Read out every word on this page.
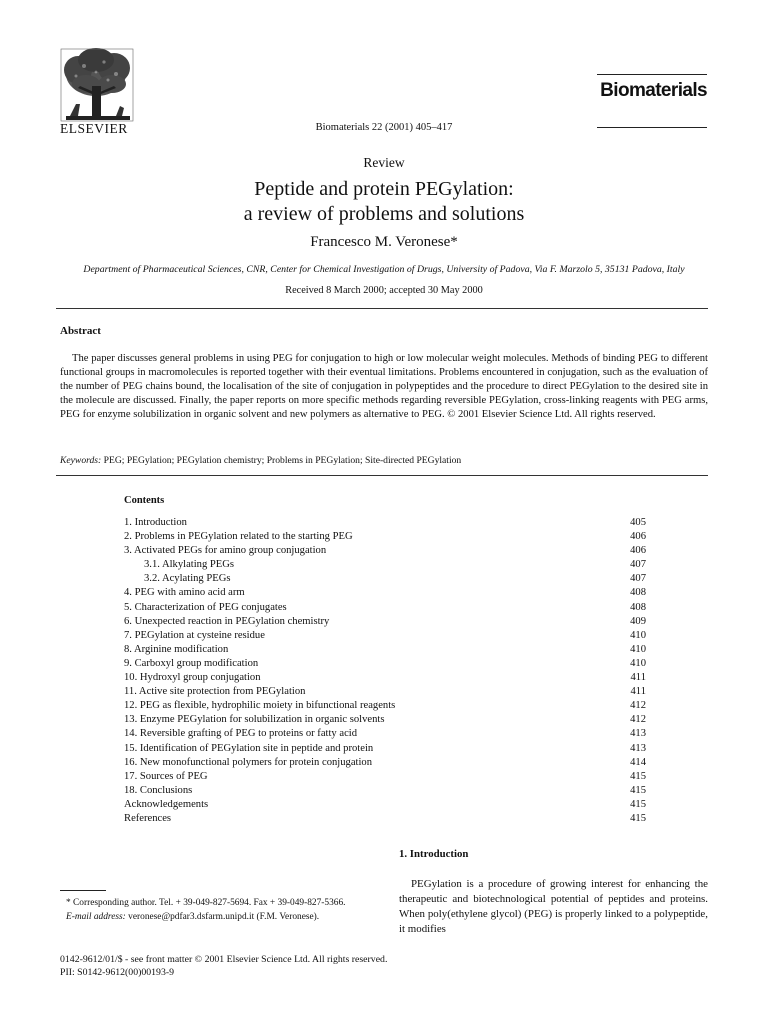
ELSEVIER	Biomaterials 22 (2001) 405–417
Biomaterials
Review
Peptide and protein PEGylation:
a review of problems and solutions
Francesco M. Veronese*
Department of Pharmaceutical Sciences, CNR, Center for Chemical Investigation of Drugs, University of Padova, Via F. Marzolo 5, 35131 Padova, Italy
Received 8 March 2000; accepted 30 May 2000
Abstract
The paper discusses general problems in using PEG for conjugation to high or low molecular weight molecules. Methods of binding PEG to different functional groups in macromolecules is reported together with their eventual limitations. Problems encountered in conjugation, such as the evaluation of the number of PEG chains bound, the localisation of the site of conjugation in polypeptides and the procedure to direct PEGylation to the desired site in the molecule are discussed. Finally, the paper reports on more specific methods regarding reversible PEGylation, cross-linking reagents with PEG arms, PEG for enzyme solubilization in organic solvent and new polymers as alternative to PEG. © 2001 Elsevier Science Ltd. All rights reserved.
Keywords: PEG; PEGylation; PEGylation chemistry; Problems in PEGylation; Site-directed PEGylation
Contents
1. Introduction	405
2. Problems in PEGylation related to the starting PEG	406
3. Activated PEGs for amino group conjugation	406
3.1. Alkylating PEGs	407
3.2. Acylating PEGs	407
4. PEG with amino acid arm	408
5. Characterization of PEG conjugates	408
6. Unexpected reaction in PEGylation chemistry	409
7. PEGylation at cysteine residue	410
8. Arginine modification	410
9. Carboxyl group modification	410
10. Hydroxyl group conjugation	411
11. Active site protection from PEGylation	411
12. PEG as flexible, hydrophilic moiety in bifunctional reagents	412
13. Enzyme PEGylation for solubilization in organic solvents	412
14. Reversible grafting of PEG to proteins or fatty acid	413
15. Identification of PEGylation site in peptide and protein	413
16. New monofunctional polymers for protein conjugation	414
17. Sources of PEG	415
18. Conclusions	415
Acknowledgements	415
References	415
1. Introduction
PEGylation is a procedure of growing interest for enhancing the therapeutic and biotechnological potential of peptides and proteins. When poly(ethylene glycol) (PEG) is properly linked to a polypeptide, it modifies
* Corresponding author. Tel. + 39-049-827-5694. Fax + 39-049-827-5366.
E-mail address: veronese@pdfar3.dsfarm.unipd.it (F.M. Veronese).
0142-9612/01/$ - see front matter © 2001 Elsevier Science Ltd. All rights reserved.
PII: S0142-9612(00)00193-9
